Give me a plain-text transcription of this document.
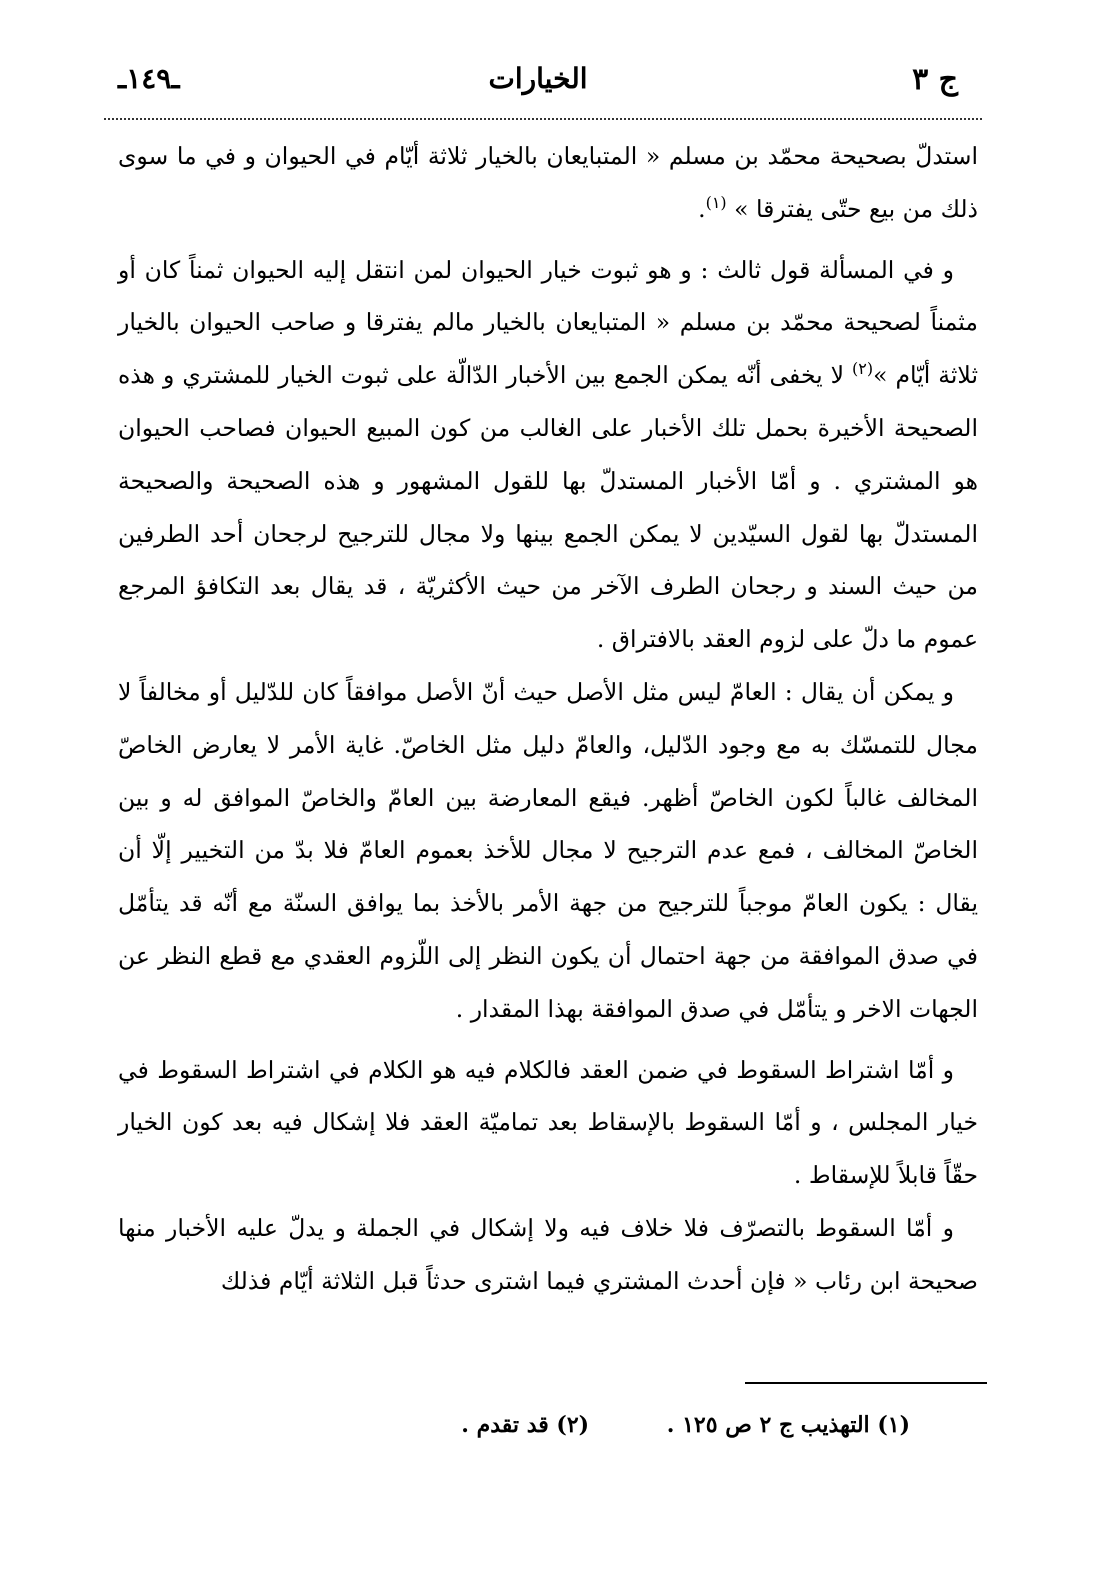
ج ٣
الخيارات
ـ١٤٩ـ

استدلّ بصحيحة محمّد بن مسلم « المتبايعان بالخيار ثلاثة أيّام في الحيوان و في ما سوى ذلك من بيع حتّى يفترقا » $^{(١)}$.

و في المسألة قول ثالث : و هو ثبوت خيار الحيوان لمن انتقل إليه الحيوان ثمناً كان أو مثمناً لصحيحة محمّد بن مسلم « المتبايعان بالخيار مالم يفترقا و صاحب الحيوان بالخيار ثلاثة أيّام »$^{(٢)}$ لا يخفى أنّه يمكن الجمع بين الأخبار الدّالّة على ثبوت الخيار للمشتري و هذه الصحيحة الأخيرة بحمل تلك الأخبار على الغالب من كون المبيع الحيوان فصاحب الحيوان هو المشتري . و أمّا الأخبار المستدلّ بها للقول المشهور و هذه الصحيحة والصحيحة المستدلّ بها لقول السيّدين لا يمكن الجمع بينها ولا مجال للترجيح لرجحان أحد الطرفين من حيث السند و رجحان الطرف الآخر من حيث الأكثريّة ، قد يقال بعد التكافؤ المرجع عموم ما دلّ على لزوم العقد بالافتراق .

و يمكن أن يقال : العامّ ليس مثل الأصل حيث أنّ الأصل موافقاً كان للدّليل أو مخالفاً لا مجال للتمسّك به مع وجود الدّليل، والعامّ دليل مثل الخاصّ. غاية الأمر لا يعارض الخاصّ المخالف غالباً لكون الخاصّ أظهر. فيقع المعارضة بين العامّ والخاصّ الموافق له و بين الخاصّ المخالف ، فمع عدم الترجيح لا مجال للأخذ بعموم العامّ فلا بدّ من التخيير إلّا أن يقال : يكون العامّ موجباً للترجيح من جهة الأمر بالأخذ بما يوافق السنّة مع أنّه قد يتأمّل في صدق الموافقة من جهة احتمال أن يكون النظر إلى اللّزوم العقدي مع قطع النظر عن الجهات الاخر و يتأمّل في صدق الموافقة بهذا المقدار .

و أمّا اشتراط السقوط في ضمن العقد فالكلام فيه هو الكلام في اشتراط السقوط في خيار المجلس ، و أمّا السقوط بالإسقاط بعد تماميّة العقد فلا إشكال فيه بعد كون الخيار حقّاً قابلاً للإسقاط .

و أمّا السقوط بالتصرّف فلا خلاف فيه ولا إشكال في الجملة و يدلّ عليه الأخبار منها صحيحة ابن رئاب « فإن أحدث المشتري فيما اشترى حدثاً قبل الثلاثة أيّام فذلك

(١) التهذيب ج ٢ ص ١٢٥ . (٢) قد تقدم .
